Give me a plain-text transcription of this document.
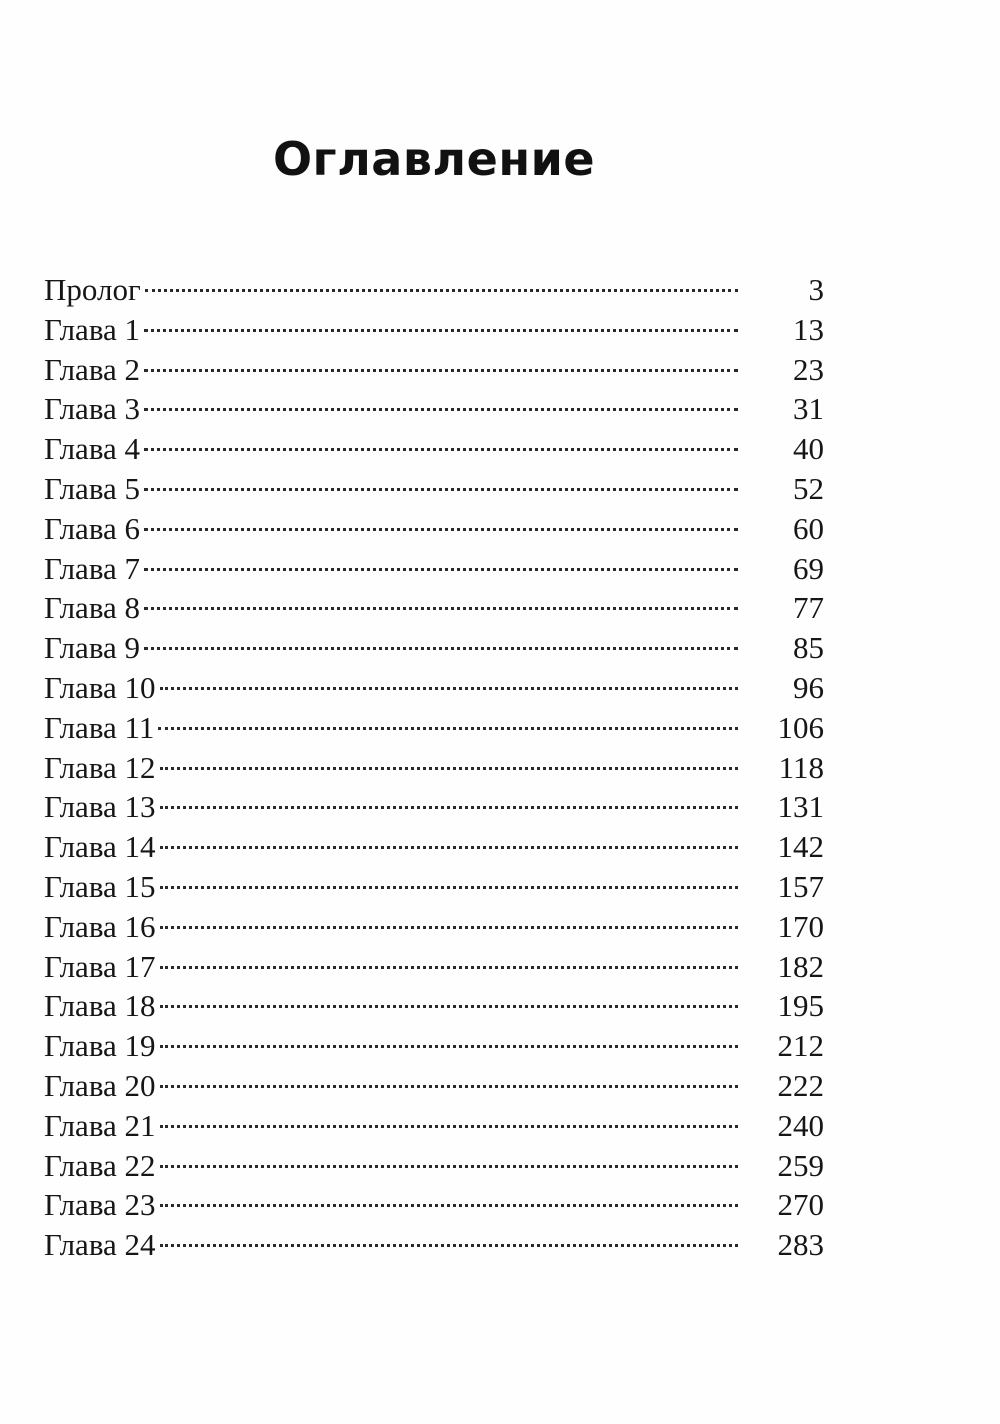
Оглавление
Пролог	3
Глава 1	13
Глава 2	23
Глава 3	31
Глава 4	40
Глава 5	52
Глава 6	60
Глава 7	69
Глава 8	77
Глава 9	85
Глава 10	96
Глава 11	106
Глава 12	118
Глава 13	131
Глава 14	142
Глава 15	157
Глава 16	170
Глава 17	182
Глава 18	195
Глава 19	212
Глава 20	222
Глава 21	240
Глава 22	259
Глава 23	270
Глава 24	283
